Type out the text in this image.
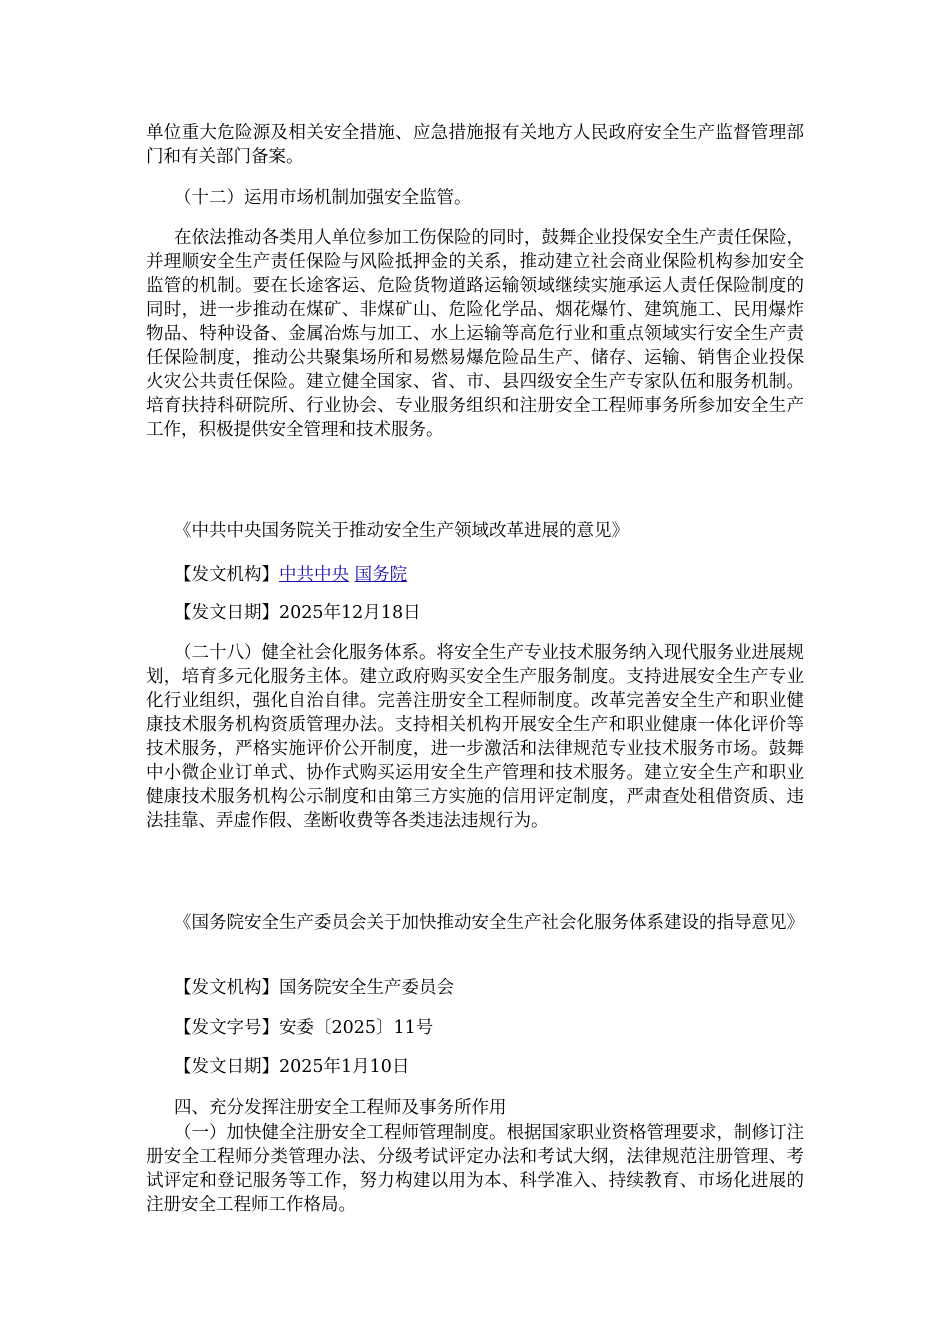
单位重大危险源及相关安全措施、应急措施报有关地方人民政府安全生产监督管理部门和有关部门备案。

（十二）运用市场机制加强安全监管。

在依法推动各类用人单位参加工伤保险的同时，鼓舞企业投保安全生产责任保险，并理顺安全生产责任保险与风险抵押金的关系，推动建立社会商业保险机构参加安全监管的机制。要在长途客运、危险货物道路运输领域继续实施承运人责任保险制度的同时，进一步推动在煤矿、非煤矿山、危险化学品、烟花爆竹、建筑施工、民用爆炸物品、特种设备、金属冶炼与加工、水上运输等高危行业和重点领域实行安全生产责任保险制度，推动公共聚集场所和易燃易爆危险品生产、储存、运输、销售企业投保火灾公共责任保险。建立健全国家、省、市、县四级安全生产专家队伍和服务机制。培育扶持科研院所、行业协会、专业服务组织和注册安全工程师事务所参加安全生产工作，积极提供安全管理和技术服务。

《中共中央国务院关于推动安全生产领域改革进展的意见》

【发文机构】中共中央 国务院

【发文日期】2025年12月18日

（二十八）健全社会化服务体系。将安全生产专业技术服务纳入现代服务业进展规划，培育多元化服务主体。建立政府购买安全生产服务制度。支持进展安全生产专业化行业组织，强化自治自律。完善注册安全工程师制度。改革完善安全生产和职业健康技术服务机构资质管理办法。支持相关机构开展安全生产和职业健康一体化评价等技术服务，严格实施评价公开制度，进一步激活和法律规范专业技术服务市场。鼓舞中小微企业订单式、协作式购买运用安全生产管理和技术服务。建立安全生产和职业健康技术服务机构公示制度和由第三方实施的信用评定制度，严肃查处租借资质、违法挂靠、弄虚作假、垄断收费等各类违法违规行为。

《国务院安全生产委员会关于加快推动安全生产社会化服务体系建设的指导意见》

【发文机构】国务院安全生产委员会

【发文字号】安委〔2025〕11号

【发文日期】2025年1月10日

四、充分发挥注册安全工程师及事务所作用

（一）加快健全注册安全工程师管理制度。根据国家职业资格管理要求，制修订注册安全工程师分类管理办法、分级考试评定办法和考试大纲，法律规范注册管理、考试评定和登记服务等工作，努力构建以用为本、科学准入、持续教育、市场化进展的注册安全工程师工作格局。
